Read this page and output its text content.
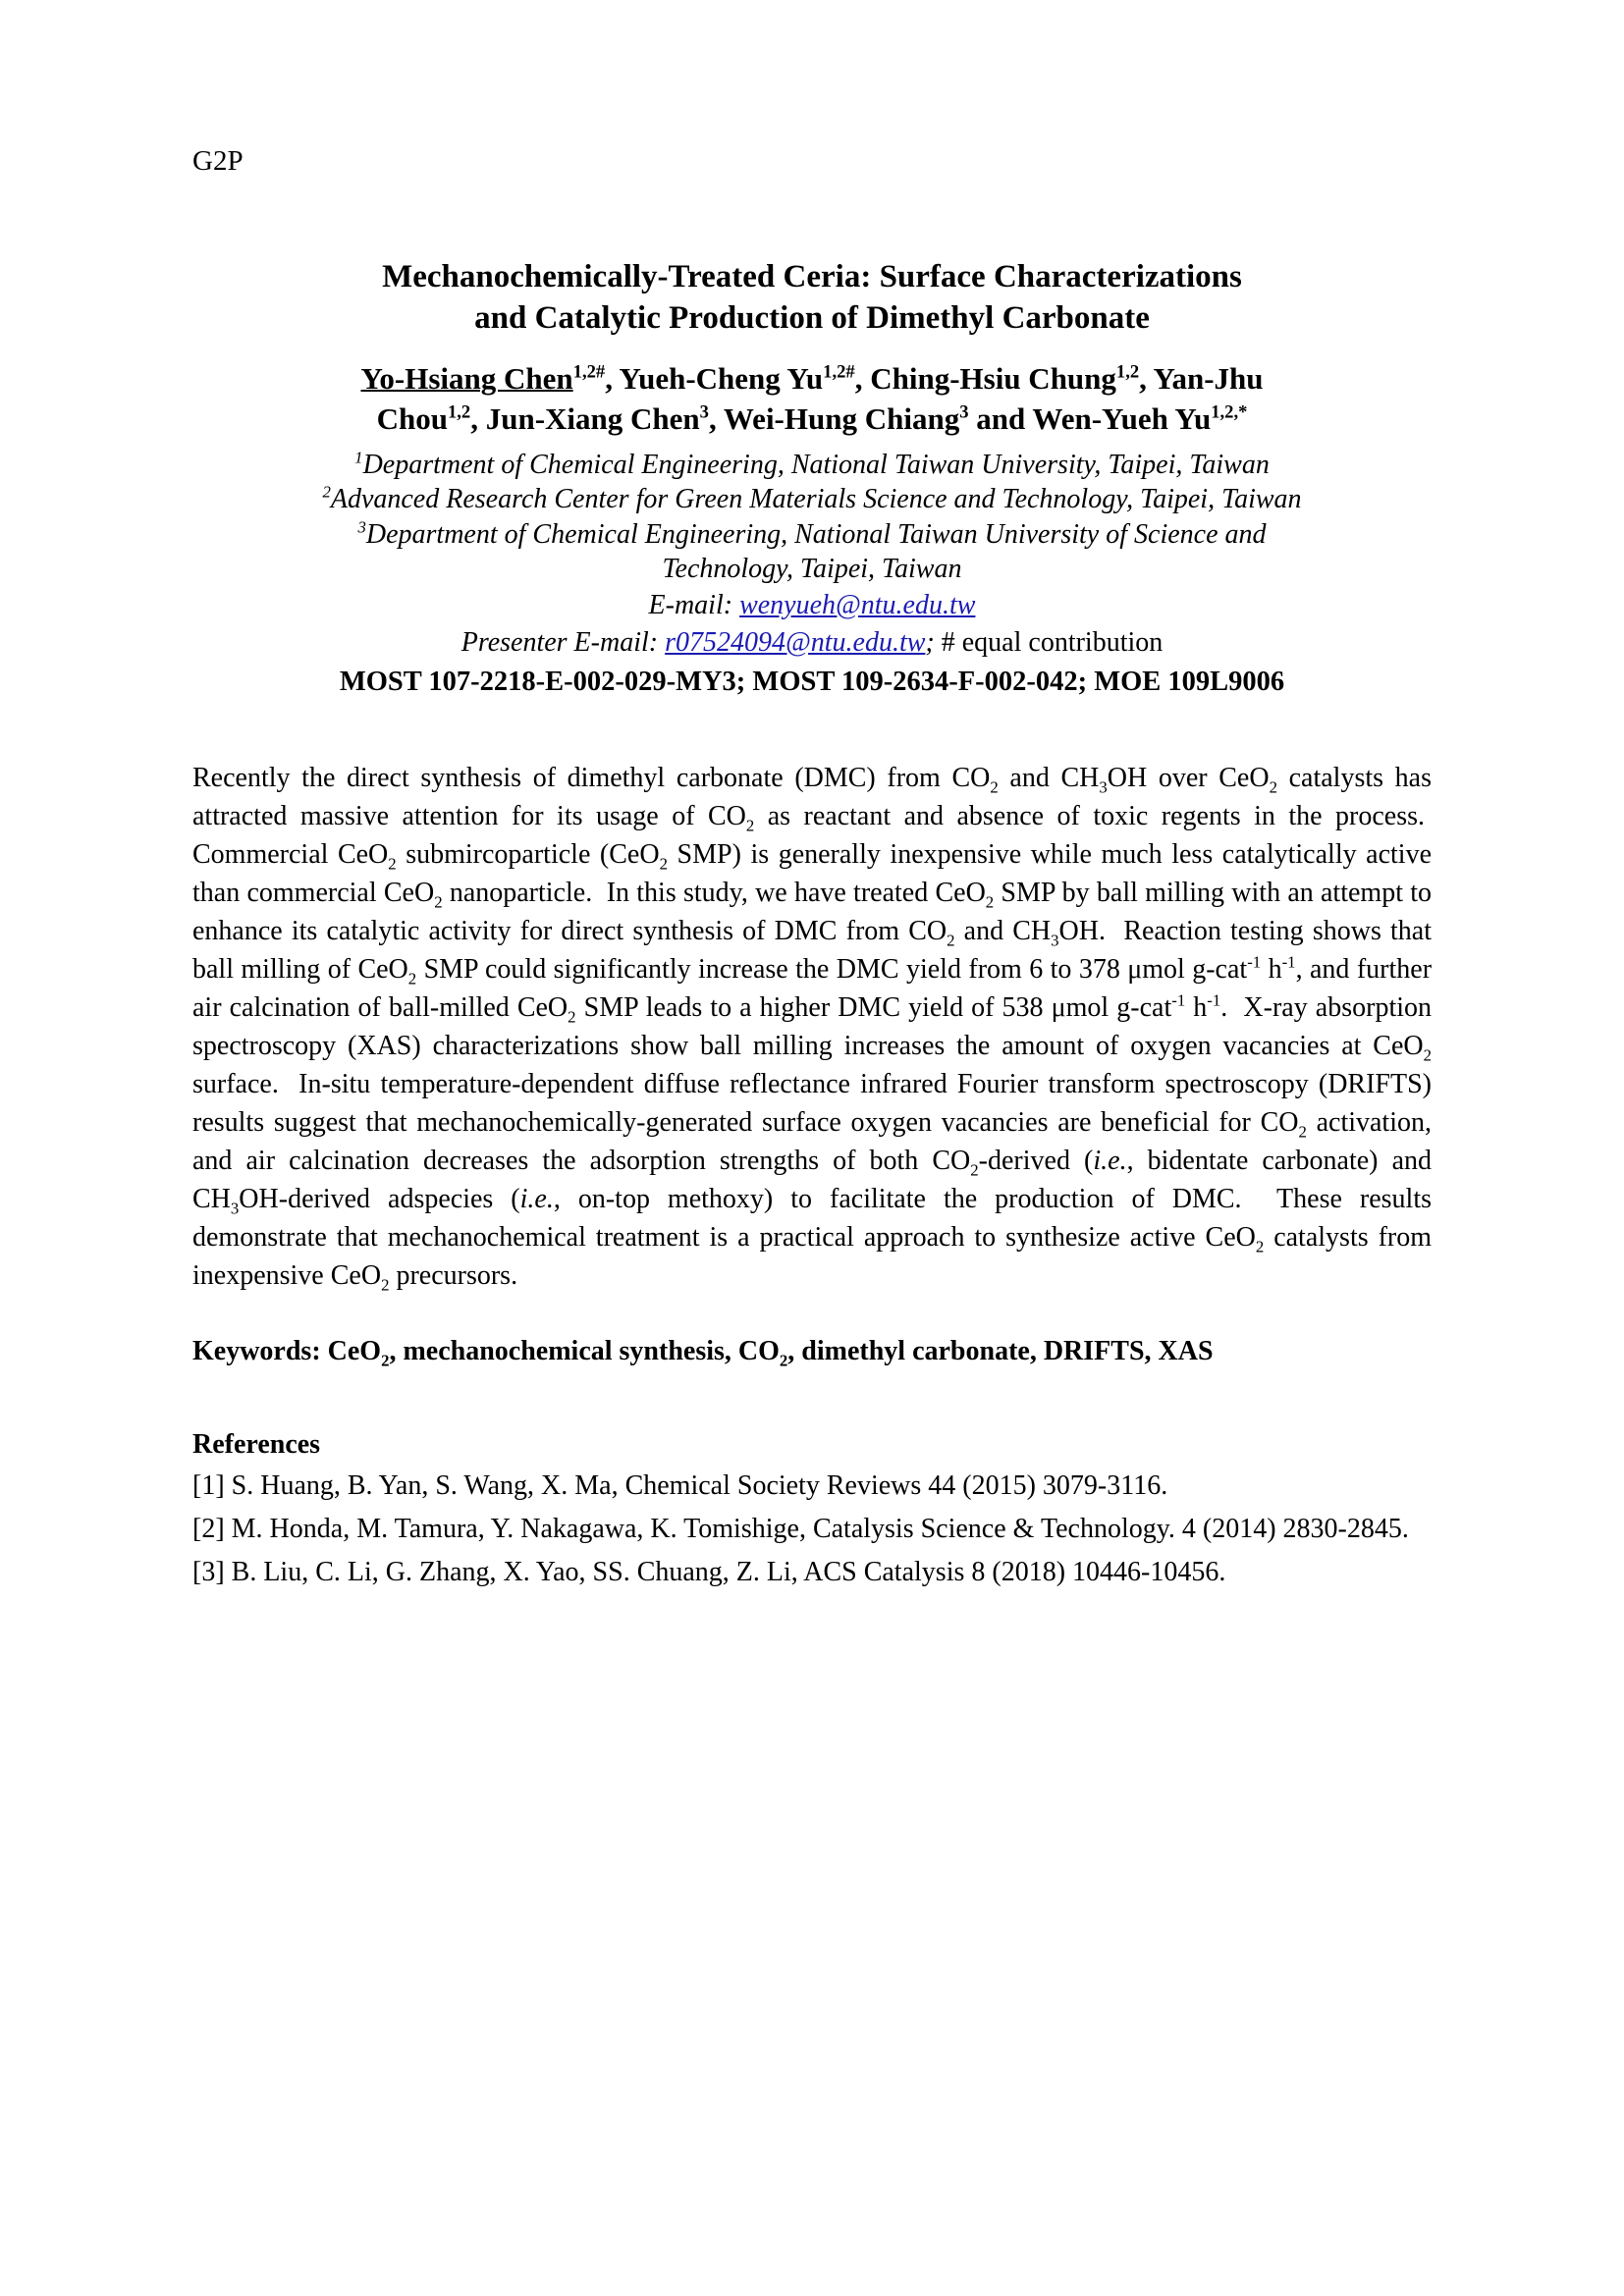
G2P
Mechanochemically-Treated Ceria: Surface Characterizations
and Catalytic Production of Dimethyl Carbonate
Yo-Hsiang Chen$^{1,2\#}$, Yueh-Cheng $Yu^{1,2\#}$, Ching-Hsiu Chung$^{1,2}$, Yan-Jhu
Chou$^{1,2}$, Jun-Xiang Chen$^3$, Wei-Hung Chiang$^3$ and Wen-Yueh $Yu^{1,2,*}$
$^1$Department of Chemical Engineering, National Taiwan University, Taipei, Taiwan
$^2$Advanced Research Center for Green Materials Science and Technology, Taipei, Taiwan
$^3$Department of Chemical Engineering, National Taiwan University of Science and
Technology, Taipei, Taiwan
E-mail: wenyueh@ntu.edu.tw
Presenter E-mail: r07524094@ntu.edu.tw; # equal contribution
MOST 107-2218-E-002-029-MY3; MOST 109-2634-F-002-042; MOE 109L9006

Recently the direct synthesis of dimethyl carbonate (DMC) from $CO_2$ and $CH_3OH$ over CeO$_2$ catalysts has attracted massive attention for its usage of $CO_2$ as reactant and absence of toxic regents in the process.  Commercial CeO$_2$ submircoparticle (CeO$_2$ SMP) is generally inexpensive while much less catalytically active than commercial CeO$_2$ nanoparticle.  In this study, we have treated CeO$_2$ SMP by ball milling with an attempt to enhance its catalytic activity for direct synthesis of DMC from $CO_2$ and $CH_3OH$.  Reaction testing shows that ball milling of CeO$_2$ SMP could significantly increase the DMC yield from 6 to 378 μmol g-cat$^{-1}$ $h^{-1}$, and further air calcination of ball-milled CeO$_2$ SMP leads to a higher DMC yield of 538 μmol g-cat$^{-1}$ $h^{-1}$.  X-ray absorption spectroscopy (XAS) characterizations show ball milling increases the amount of oxygen vacancies at CeO$_2$ surface.  In-situ temperature-dependent diffuse reflectance infrared Fourier transform spectroscopy (DRIFTS) results suggest that mechanochemically-generated surface oxygen vacancies are beneficial for $CO_2$ activation, and air calcination decreases the adsorption strengths of both $CO_2$-derived (i.e., bidentate carbonate) and $CH_3OH$-derived adspecies (i.e., on-top methoxy) to facilitate the production of DMC.  These results demonstrate that mechanochemical treatment is a practical approach to synthesize active CeO$_2$ catalysts from inexpensive CeO$_2$ precursors.

Keywords: CeO$_2$, mechanochemical synthesis, $CO_2$, dimethyl carbonate, DRIFTS, XAS

References
[1] S. Huang, B. Yan, S. Wang, X. Ma, Chemical Society Reviews 44 (2015) 3079-3116.
[2] M. Honda, M. Tamura, Y. Nakagawa, K. Tomishige, Catalysis Science & Technology. 4 (2014) 2830-2845.
[3] B. Liu, C. Li, G. Zhang, X. Yao, SS. Chuang, Z. Li, ACS Catalysis 8 (2018) 10446-10456.
